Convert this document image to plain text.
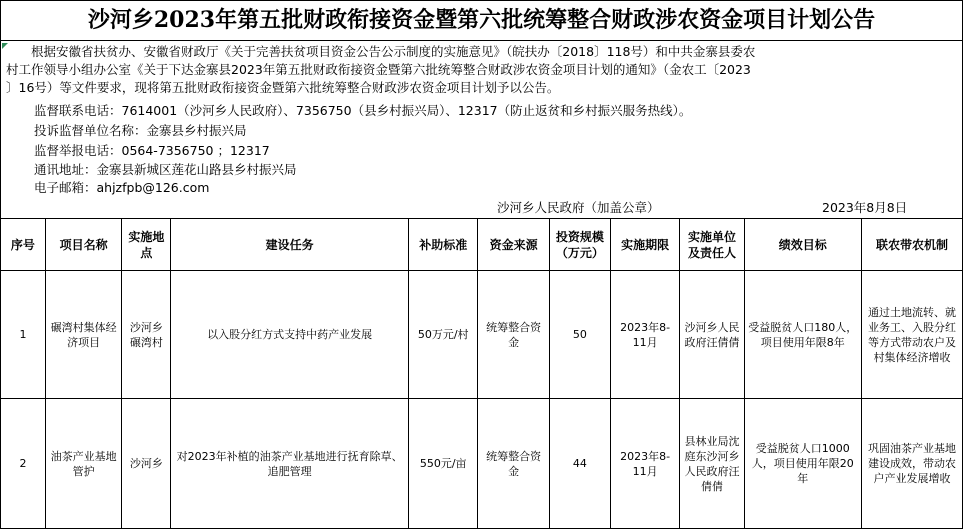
沙河乡2023年第五批财政衔接资金暨第六批统筹整合财政涉农资金项目计划公告
　　根据安徽省扶贫办、安徽省财政厅《关于完善扶贫项目资金公告公示制度的实施意见》（皖扶办〔2018〕118号）和中共金寨县委农
村工作领导小组办公室《关于下达金寨县2023年第五批财政衔接资金暨第六批统筹整合财政涉农资金项目计划的通知》（金农工〔2023
〕16号）等文件要求，现将第五批财政衔接资金暨第六批统筹整合财政涉农资金项目计划予以公告。
监督联系电话：7614001（沙河乡人民政府）、7356750（县乡村振兴局）、12317（防止返贫和乡村振兴服务热线）。
投诉监督单位名称：金寨县乡村振兴局
监督举报电话：0564-7356750 ；12317
通讯地址：金寨县新城区莲花山路县乡村振兴局
电子邮箱：ahjzfpb@126.com
沙河乡人民政府（加盖公章）	2023年8月8日
序号	项目名称	实施地点	建设任务	补助标准	资金来源	投资规模（万元）	实施期限	实施单位及责任人	绩效目标	联农带农机制
1	碾湾村集体经济项目	沙河乡碾湾村	以入股分红方式支持中药产业发展	50万元/村	统筹整合资金	50	2023年8-11月	沙河乡人民政府汪倩倩	受益脱贫人口180人，项目使用年限8年	通过土地流转、就业务工、入股分红等方式带动农户及村集体经济增收
2	油茶产业基地管护	沙河乡	对2023年补植的油茶产业基地进行抚育除草、追肥管理	550元/亩	统筹整合资金	44	2023年8-11月	县林业局沈庭东沙河乡人民政府汪倩倩	受益脱贫人口1000人，项目使用年限20年	巩固油茶产业基地建设成效，带动农户产业发展增收
